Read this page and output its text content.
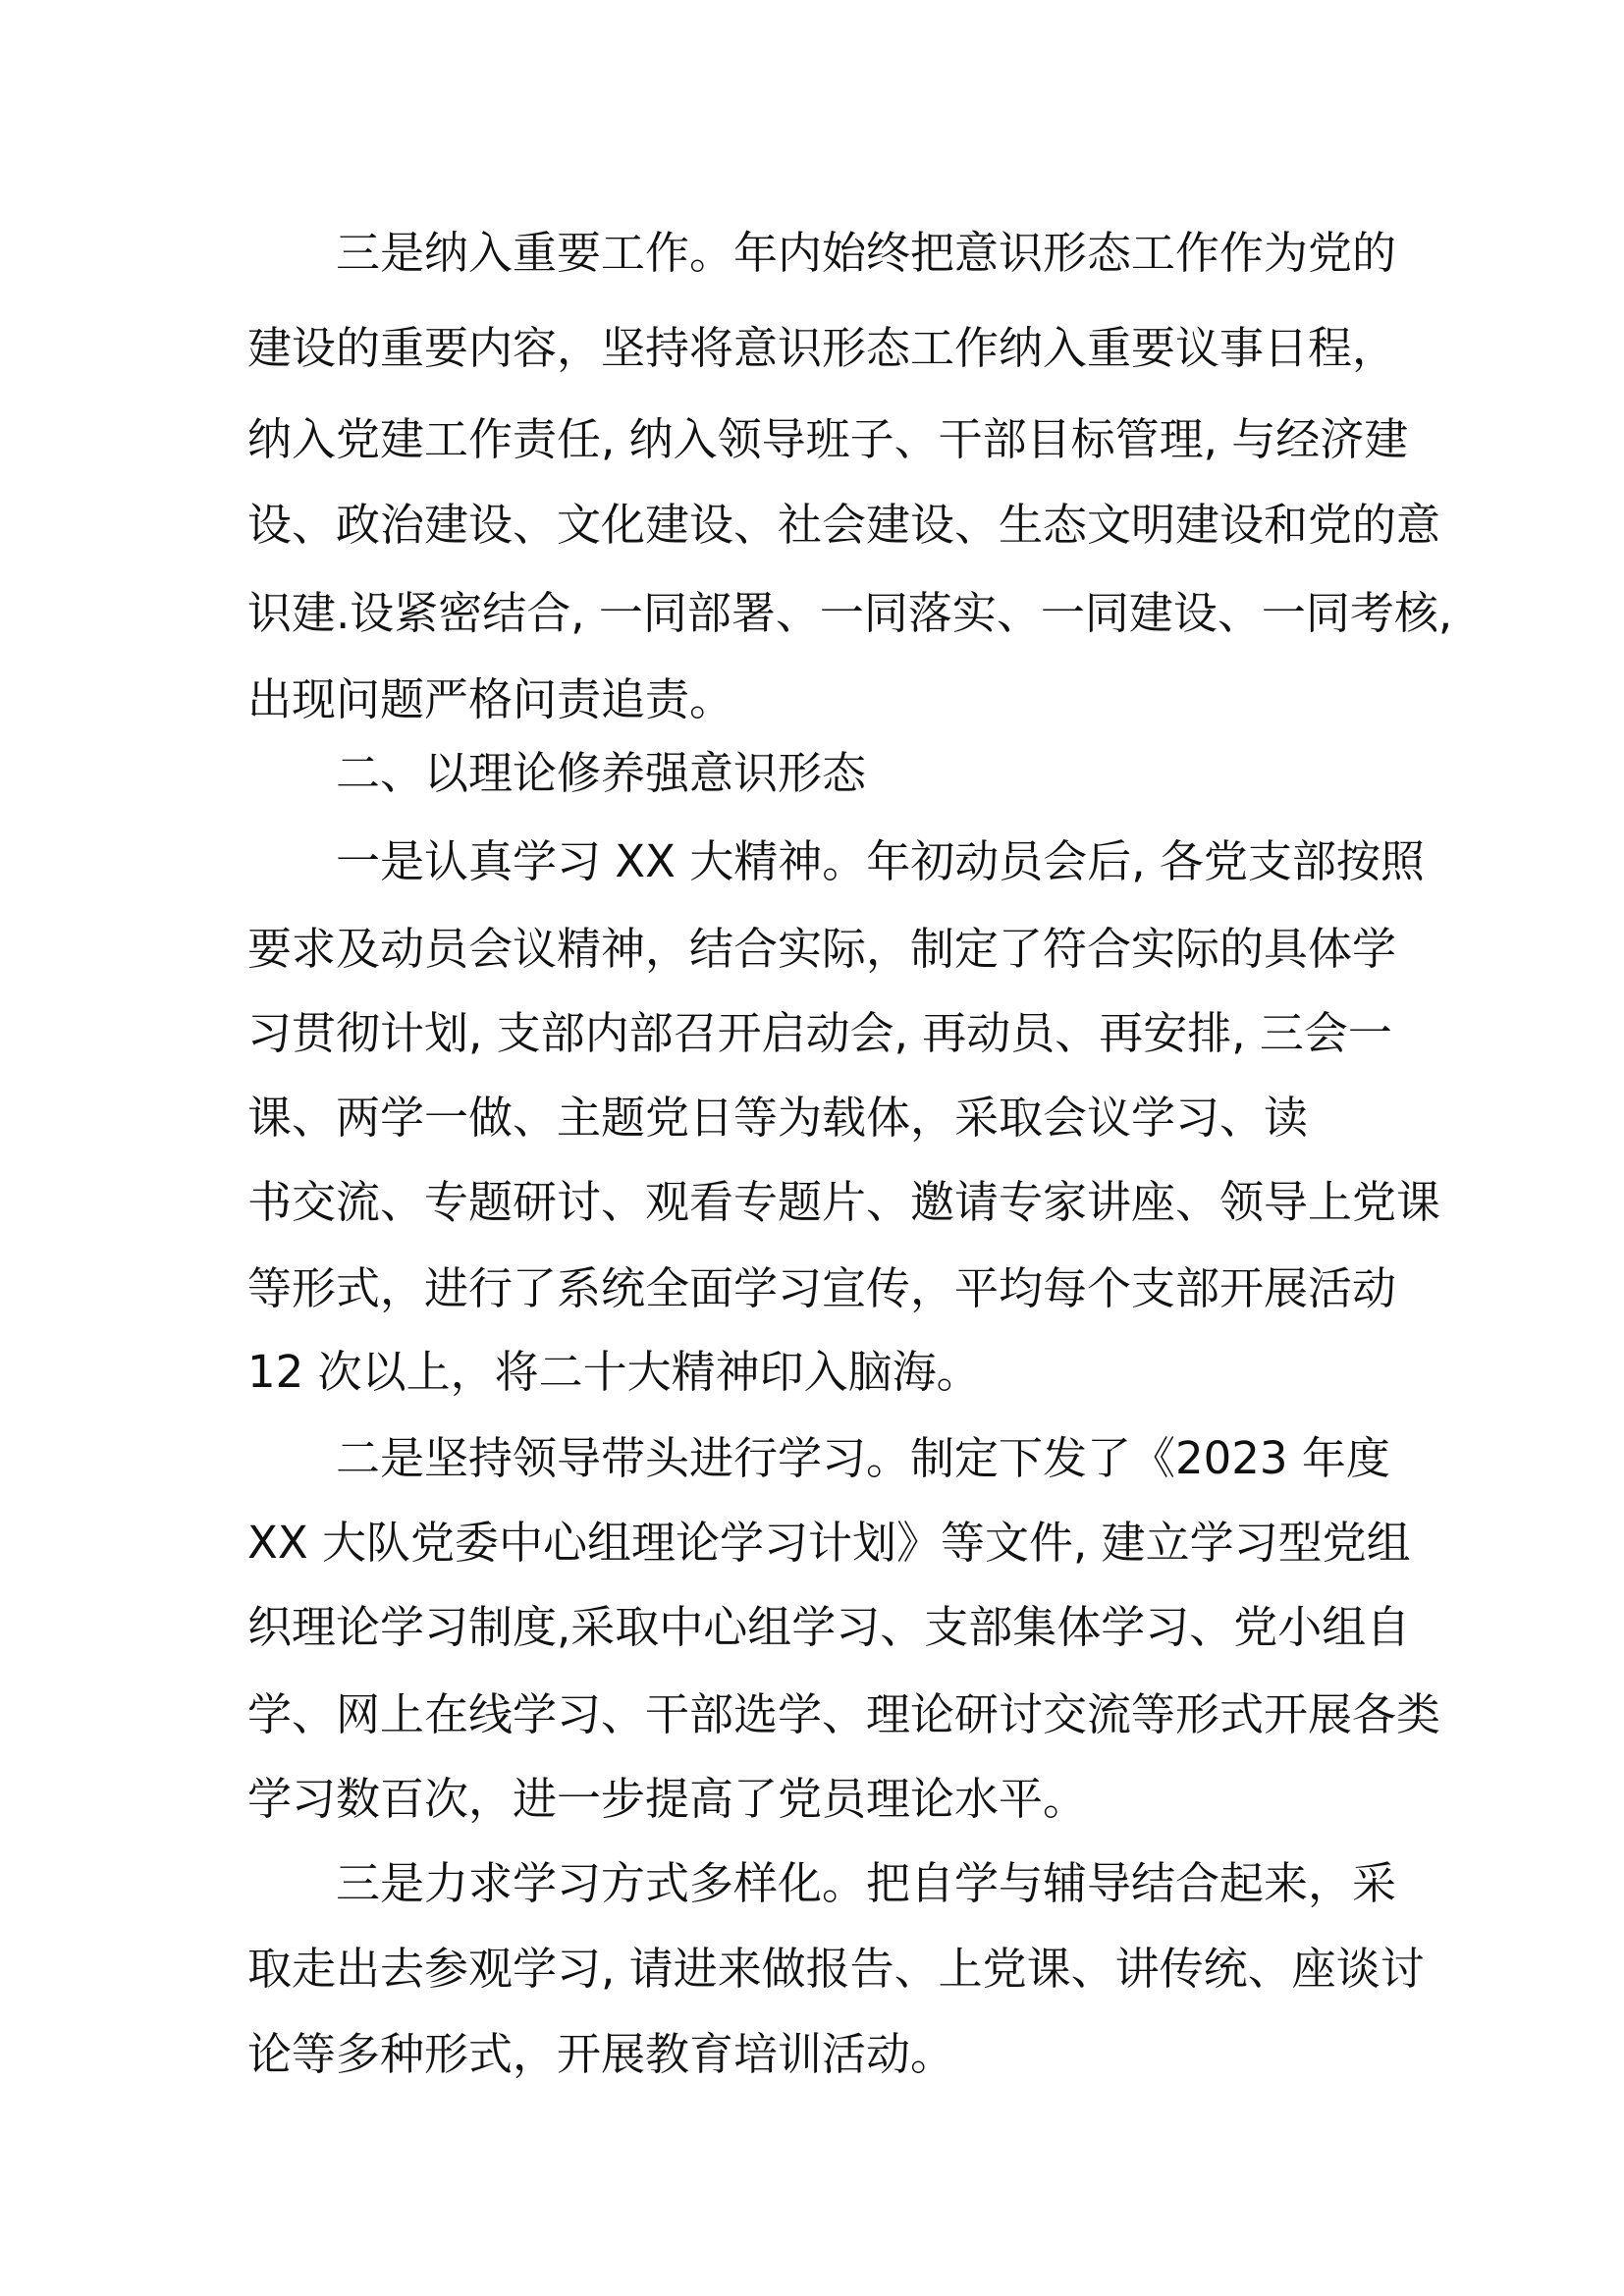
三是纳入重要工作。年内始终把意识形态工作作为党的
建设的重要内容，坚持将意识形态工作纳入重要议事日程，
纳入党建工作责任, 纳入领导班子、干部目标管理, 与经济建
设、政治建设、文化建设、社会建设、生态文明建设和党的意
识建.设紧密结合, 一同部署、一同落实、一同建设、一同考核,
出现问题严格问责追责。
二、以理论修养强意识形态
一是认真学习 XX 大精神。年初动员会后, 各党支部按照
要求及动员会议精神，结合实际，制定了符合实际的具体学
习贯彻计划, 支部内部召开启动会, 再动员、再安排, 三会一
课、两学一做、主题党日等为载体，采取会议学习、读
书交流、专题研讨、观看专题片、邀请专家讲座、领导上党课
等形式，进行了系统全面学习宣传，平均每个支部开展活动
12 次以上，将二十大精神印入脑海。
二是坚持领导带头进行学习。制定下发了《2023 年度
XX 大队党委中心组理论学习计划》等文件, 建立学习型党组
织理论学习制度,采取中心组学习、支部集体学习、党小组自
学、网上在线学习、干部选学、理论研讨交流等形式开展各类
学习数百次，进一步提高了党员理论水平。
三是力求学习方式多样化。把自学与辅导结合起来，采
取走出去参观学习, 请进来做报告、上党课、讲传统、座谈讨
论等多种形式，开展教育培训活动。
